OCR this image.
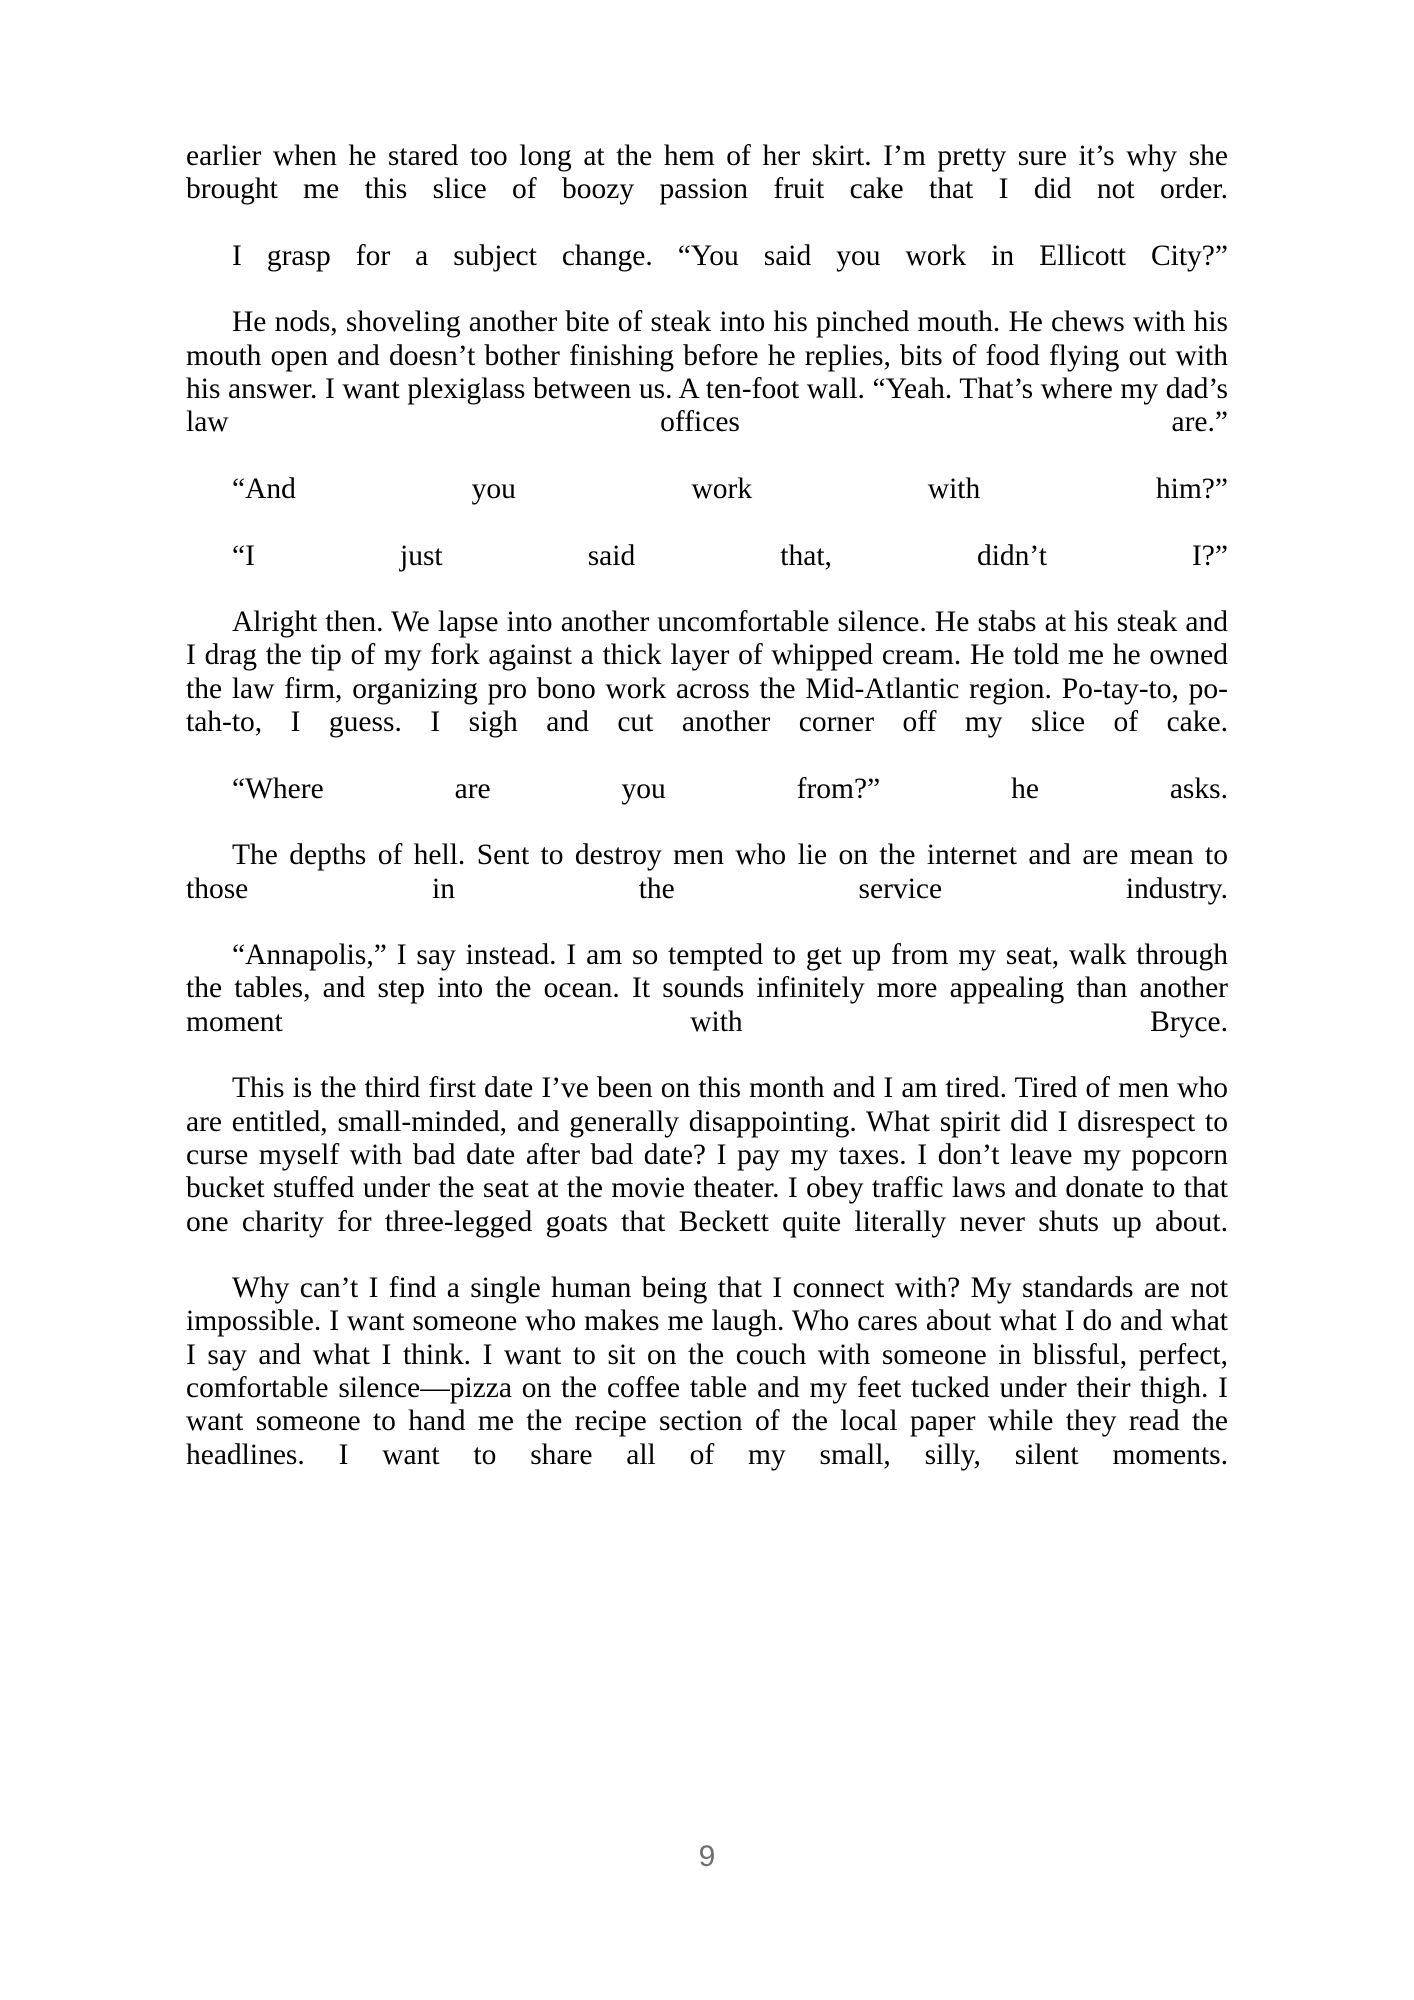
earlier when he stared too long at the hem of her skirt. I’m pretty sure it’s why she brought me this slice of boozy passion fruit cake that I did not order.

I grasp for a subject change. “You said you work in Ellicott City?”

He nods, shoveling another bite of steak into his pinched mouth. He chews with his mouth open and doesn’t bother finishing before he replies, bits of food flying out with his answer. I want plexiglass between us. A ten-foot wall. “Yeah. That’s where my dad’s law offices are.”

“And you work with him?”

“I just said that, didn’t I?”

Alright then. We lapse into another uncomfortable silence. He stabs at his steak and I drag the tip of my fork against a thick layer of whipped cream. He told me he owned the law firm, organizing pro bono work across the Mid-Atlantic region. Po-tay-to, po-tah-to, I guess. I sigh and cut another corner off my slice of cake.

“Where are you from?” he asks.

The depths of hell. Sent to destroy men who lie on the internet and are mean to those in the service industry.

“Annapolis,” I say instead. I am so tempted to get up from my seat, walk through the tables, and step into the ocean. It sounds infinitely more appealing than another moment with Bryce.

This is the third first date I’ve been on this month and I am tired. Tired of men who are entitled, small-minded, and generally disappointing. What spirit did I disrespect to curse myself with bad date after bad date? I pay my taxes. I don’t leave my popcorn bucket stuffed under the seat at the movie theater. I obey traffic laws and donate to that one charity for three-legged goats that Beckett quite literally never shuts up about.

Why can’t I find a single human being that I connect with? My standards are not impossible. I want someone who makes me laugh. Who cares about what I do and what I say and what I think. I want to sit on the couch with someone in blissful, perfect, comfortable silence—pizza on the coffee table and my feet tucked under their thigh. I want someone to hand me the recipe section of the local paper while they read the headlines. I want to share all of my small, silly, silent moments.

9
